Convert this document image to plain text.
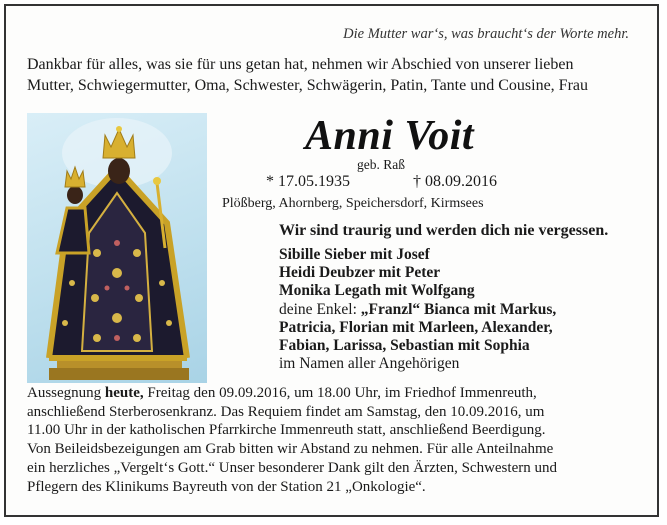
Die Mutter war‘s, was braucht‘s der Worte mehr.
Dankbar für alles, was sie für uns getan hat, nehmen wir Abschied von unserer lieben
Mutter, Schwiegermutter, Oma, Schwester, Schwägerin, Patin, Tante und Cousine, Frau
Anni Voit
geb. Raß
* 17.05.1935	† 08.09.2016
Plößberg, Ahornberg, Speichersdorf, Kirmsees
Wir sind traurig und werden dich nie vergessen.
Sibille Sieber mit Josef
Heidi Deubzer mit Peter
Monika Legath mit Wolfgang
deine Enkel: „Franzl“ Bianca mit Markus,
Patricia, Florian mit Marleen, Alexander,
Fabian, Larissa, Sebastian mit Sophia
im Namen aller Angehörigen
Aussegnung heute, Freitag den 09.09.2016, um 18.00 Uhr, im Friedhof Immenreuth,
anschließend Sterberosenkranz. Das Requiem findet am Samstag, den 10.09.2016, um
11.00 Uhr in der katholischen Pfarrkirche Immenreuth statt, anschließend Beerdigung.
Von Beileidsbezeigungen am Grab bitten wir Abstand zu nehmen. Für alle Anteilnahme
ein herzliches „Vergelt‘s Gott.“ Unser besonderer Dank gilt den Ärzten, Schwestern und
Pflegern des Klinikums Bayreuth von der Station 21 „Onkologie“.
